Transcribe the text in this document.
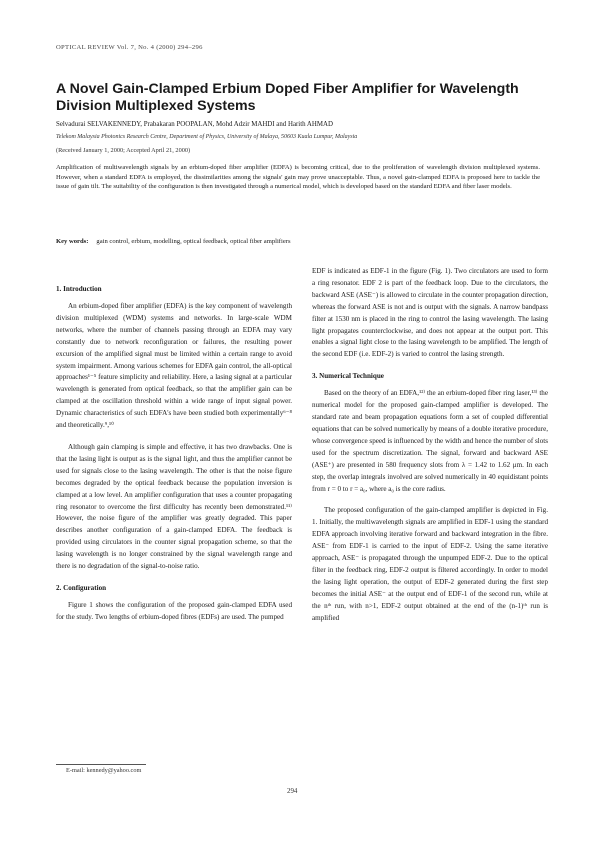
OPTICAL REVIEW Vol. 7, No. 4 (2000) 294–296
A Novel Gain-Clamped Erbium Doped Fiber Amplifier for Wavelength Division Multiplexed Systems
Selvadurai SELVAKENNEDY, Prabakaran POOPALAN, Mohd Adzir MAHDI and Harith AHMAD
Telekom Malaysia Photonics Research Centre, Department of Physics, University of Malaya, 50603 Kuala Lumpur, Malaysia
(Received January 1, 2000; Accepted April 21, 2000)

Amplification of multiwavelength signals by an erbium-doped fiber amplifier (EDFA) is becoming critical, due to the proliferation of wavelength division multiplexed systems. However, when a standard EDFA is employed, the dissimilarities among the signals' gain may prove unacceptable. Thus, a novel gain-clamped EDFA is proposed here to tackle the issue of gain tilt. The suitability of the configuration is then investigated through a numerical model, which is developed based on the standard EDFA and fiber laser models.

Key words: gain control, erbium, modelling, optical feedback, optical fiber amplifiers
1. Introduction

An erbium-doped fiber amplifier (EDFA) is the key component of wavelength division multiplexed (WDM) systems and networks. In large-scale WDM networks, where the number of channels passing through an EDFA may vary constantly due to network reconfiguration or failures, the resulting power excursion of the amplified signal must be limited within a certain range to avoid system impairment. Among various schemes for EDFA gain control, the all-optical approaches¹⁻⁵ feature simplicity and reliability. Here, a lasing signal at a particular wavelength is generated from optical feedback, so that the amplifier gain can be clamped at the oscillation threshold within a wide range of input signal power. Dynamic characteristics of such EDFA's have been studied both experimentally⁶⁻⁸ and theoretically.⁹,¹⁰

Although gain clamping is simple and effective, it has two drawbacks. One is that the lasing light is output as is the signal light, and thus the amplifier cannot be used for signals close to the lasing wavelength. The other is that the noise figure becomes degraded by the optical feedback because the population inversion is clamped at a low level. An amplifier configuration that uses a counter propagating ring resonator to overcome the first difficulty has recently been demonstrated.¹¹⁾ However, the noise figure of the amplifier was greatly degraded. This paper describes another configuration of a gain-clamped EDFA. The feedback is provided using circulators in the counter signal propagation scheme, so that the lasing wavelength is no longer constrained by the signal wavelength range and there is no degradation of the signal-to-noise ratio.

2. Configuration

Figure 1 shows the configuration of the proposed gain-clamped EDFA used for the study. Two lengths of erbium-doped fibres (EDFs) are used. The pumped

EDF is indicated as EDF-1 in the figure (Fig. 1). Two circulators are used to form a ring resonator. EDF 2 is part of the feedback loop. Due to the circulators, the backward ASE (ASE⁻) is allowed to circulate in the counter propagation direction, whereas the forward ASE is not and is output with the signals. A narrow bandpass filter at 1530 nm is placed in the ring to control the lasing wavelength. The lasing light propagates counterclockwise, and does not appear at the output port. This enables a signal light close to the lasing wavelength to be amplified. The length of the second EDF (i.e. EDF-2) is varied to control the lasing strength.

3. Numerical Technique

Based on the theory of an EDFA,¹²⁾ the an erbium-doped fiber ring laser,¹³⁾ the numerical model for the proposed gain-clamped amplifier is developed. The standard rate and beam propagation equations form a set of coupled differential equations that can be solved numerically by means of a double iterative procedure, whose convergence speed is influenced by the width and hence the number of slots used for the spectrum discretization. The signal, forward and backward ASE (ASE⁺) are presented in 580 frequency slots from λ = 1.42 to 1.62 μm. In each step, the overlap integrals involved are solved numerically in 40 equidistant points from r = 0 to r = a₀, where a₀ is the core radius.

The proposed configuration of the gain-clamped amplifier is depicted in Fig. 1. Initially, the multiwavelength signals are amplified in EDF-1 using the standard EDFA approach involving iterative forward and backward integration in the fibre. ASE⁻ from EDF-1 is carried to the input of EDF-2. Using the same iterative approach, ASE⁻ is propagated through the unpumped EDF-2. Due to the optical filter in the feedback ring, EDF-2 output is filtered accordingly. In order to model the lasing light operation, the output of EDF-2 generated during the first step becomes the initial ASE⁻ at the output end of EDF-1 of the second run, while at the nᵗʰ run, with n>1, EDF-2 output obtained at the end of the (n-1)ᵗʰ run is amplified

E-mail: kennedy@yahoo.com
294
